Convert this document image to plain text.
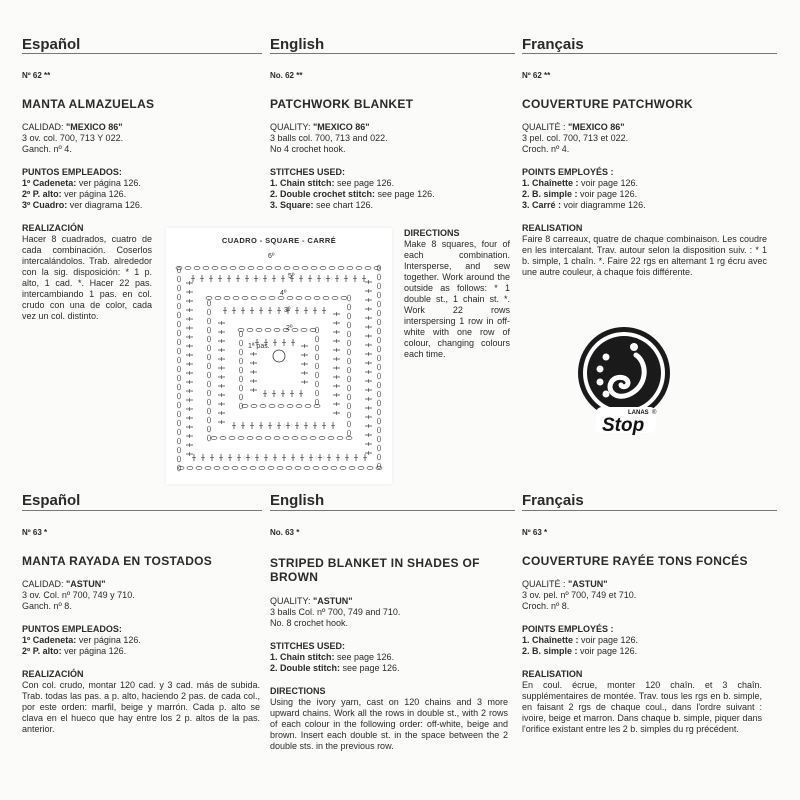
Español	English	Français
Nº 62 **
MANTA ALMAZUELAS
CALIDAD: "MEXICO 86"
3 ov. col. 700, 713 Y 022.
Ganch. nº 4.
PUNTOS EMPLEADOS:
1º Cadeneta: ver página 126.
2º P. alto: ver página 126.
3º Cuadro: ver diagrama 126.
REALIZACIÓN
Hacer 8 cuadrados, cuatro de cada combinación. Coserlos intercalándolos. Trab. alrededor con la sig. disposición: * 1 p. alto, 1 cad. *. Hacer 22 pas. intercambiando 1 pas. en col. crudo con una de color, cada vez un col. distinto.
No. 62 **
PATCHWORK BLANKET
QUALITY: "MEXICO 86"
3 balls col. 700, 713 and 022.
No 4 crochet hook.
STITCHES USED:
1. Chain stitch: see page 126.
2. Double crochet stitch: see page 126.
3. Square: see chart 126.
DIRECTIONS
Make 8 squares, four of each combination. Intersperse, and sew together. Work around the outside as follows: * 1 double st., 1 chain st. *. Work 22 rows interspersing 1 row in off-white with one row of colour, changing colours each time.
Nº 62 **
COUVERTURE PATCHWORK
QUALITÉ : "MEXICO 86"
3 pel. col. 700, 713 et 022.
Croch. nº 4.
POINTS EMPLOYÉS :
1. Chaînette : voir page 126.
2. B. simple : voir page 126.
3. Carré : voir diagramme 126.
REALISATION
Faire 8 carreaux, quatre de chaque combinaison. Les coudre en les intercalant. Trav. autour selon la disposition suiv. : * 1 b. simple, 1 chaîn. *. Faire 22 rgs en alternant 1 rg écru avec une autre couleur, à chaque fois différente.
CUADRO - SQUARE - CARRÉ
6º
5º
4º
3º
2º
1ª pas.
LANAS ®
Stop
Español	English	Français
Nº 63 *
MANTA RAYADA EN TOSTADOS
CALIDAD: "ASTUN"
3 ov. Col. nº 700, 749 y 710.
Ganch. nº 8.
PUNTOS EMPLEADOS:
1º Cadeneta: ver página 126.
2º P. alto: ver página 126.
REALIZACIÓN
Con col. crudo, montar 120 cad. y 3 cad. más de subida. Trab. todas las pas. a p. alto, haciendo 2 pas. de cada col., por este orden: marfil, beige y marrón. Cada p. alto se clava en el hueco que hay entre los 2 p. altos de la pas. anterior.
No. 63 *
STRIPED BLANKET IN SHADES OF BROWN
QUALITY: "ASTUN"
3 balls Col. nº 700, 749 and 710.
No. 8 crochet hook.
STITCHES USED:
1. Chain stitch: see page 126.
2. Double stitch: see page 126.
DIRECTIONS
Using the ivory yarn, cast on 120 chains and 3 more upward chains. Work all the rows in double st., with 2 rows of each colour in the following order: off-white, beige and brown. Insert each double st. in the space between the 2 double sts. in the previous row.
Nº 63 *
COUVERTURE RAYÉE TONS FONCÉS
QUALITÉ : "ASTUN"
3 ov. pel. nº 700, 749 et 710.
Croch. nº 8.
POINTS EMPLOYÉS :
1. Chaînette : voir page 126.
2. B. simple : voir page 126.
REALISATION
En coul. écrue, monter 120 chaîn. et 3 chaîn. supplémentaires de montée. Trav. tous les rgs en b. simple, en faisant 2 rgs de chaque coul., dans l'ordre suivant : ivoire, beige et marron. Dans chaque b. simple, piquer dans l'orifice existant entre les 2 b. simples du rg précédent.
